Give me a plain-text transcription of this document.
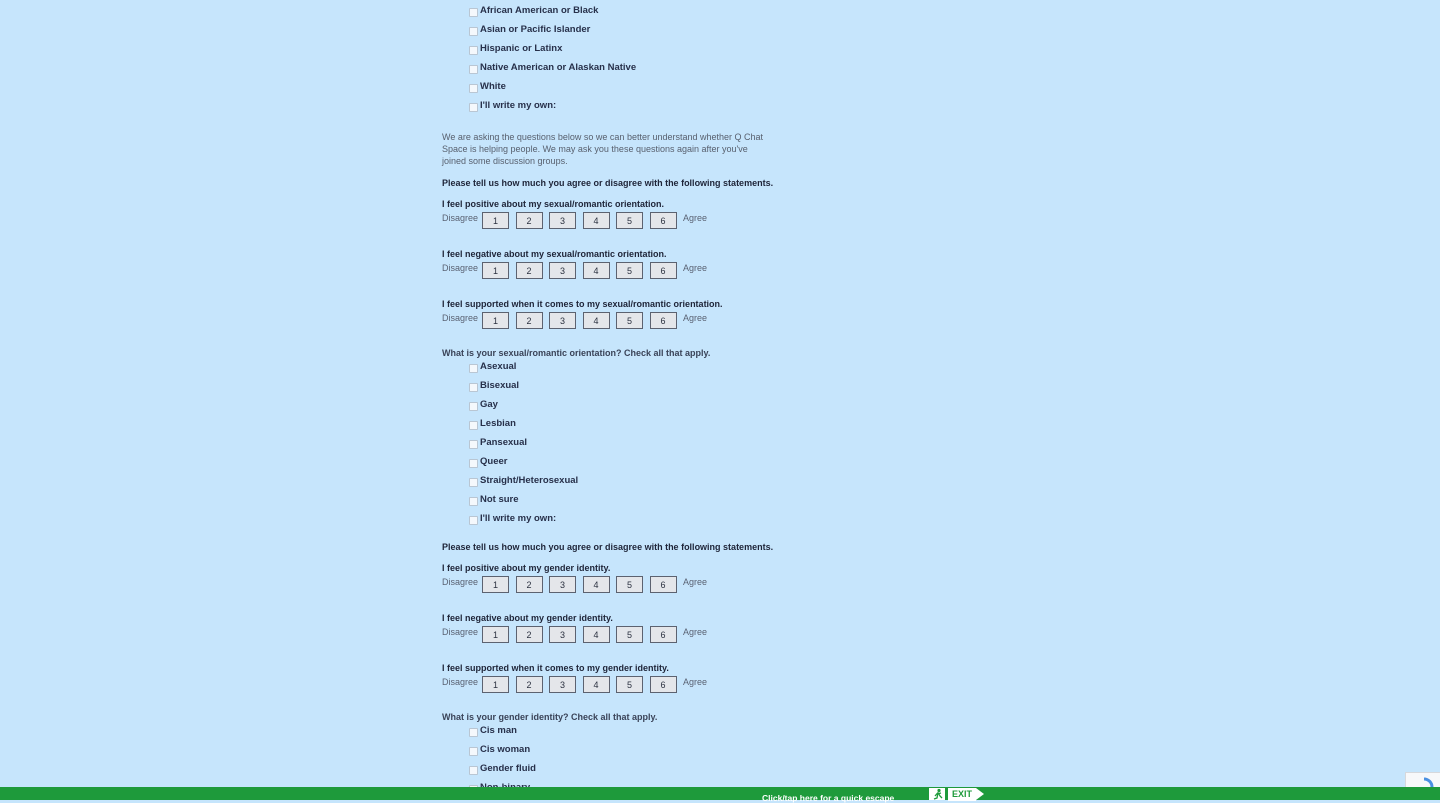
African American or Black
Asian or Pacific Islander
Hispanic or Latinx
Native American or Alaskan Native
White
I'll write my own:
We are asking the questions below so we can better understand whether Q Chat Space is helping people. We may ask you these questions again after you've joined some discussion groups.
Please tell us how much you agree or disagree with the following statements.
I feel positive about my sexual/romantic orientation.
Disagree	1	2	3	4	5	6	Agree
I feel negative about my sexual/romantic orientation.
Disagree	1	2	3	4	5	6	Agree
I feel supported when it comes to my sexual/romantic orientation.
Disagree	1	2	3	4	5	6	Agree
What is your sexual/romantic orientation? Check all that apply.
Asexual
Bisexual
Gay
Lesbian
Pansexual
Queer
Straight/Heterosexual
Not sure
I'll write my own:
Please tell us how much you agree or disagree with the following statements.
I feel positive about my gender identity.
Disagree	1	2	3	4	5	6	Agree
I feel negative about my gender identity.
Disagree	1	2	3	4	5	6	Agree
I feel supported when it comes to my gender identity.
Disagree	1	2	3	4	5	6	Agree
What is your gender identity? Check all that apply.
Cis man
Cis woman
Gender fluid
Click/tap here for a quick escape	EXIT
